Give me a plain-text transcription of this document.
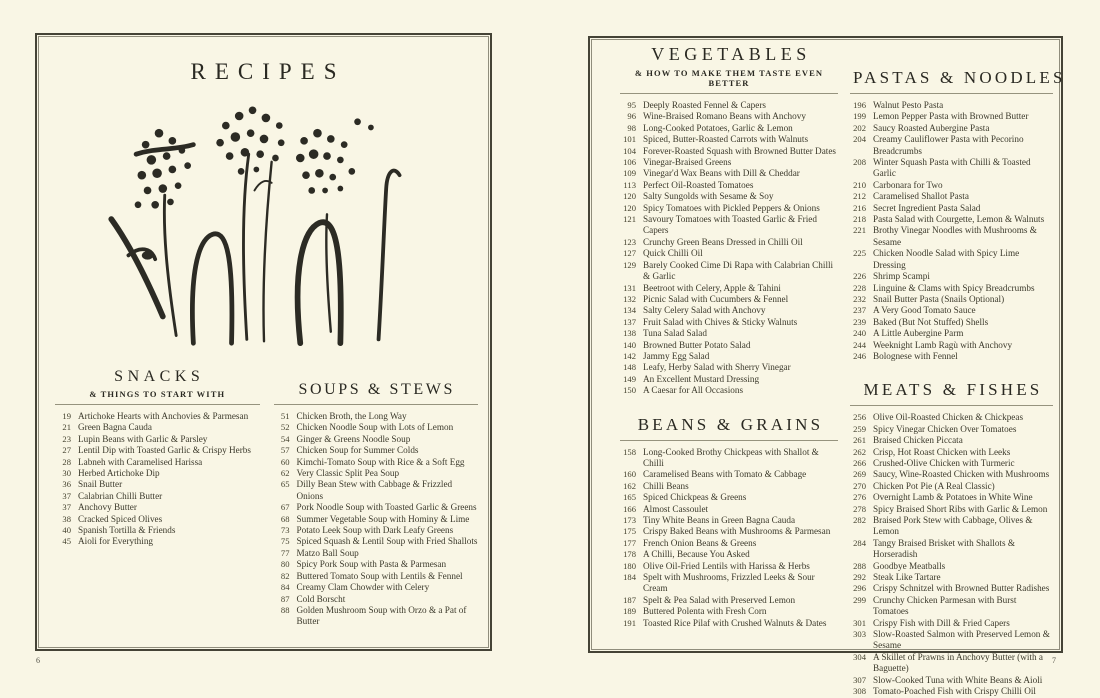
RECIPES
SNACKS
& THINGS TO START WITH
19 Artichoke Hearts with Anchovies & Parmesan
21 Green Bagna Cauda
23 Lupin Beans with Garlic & Parsley
27 Lentil Dip with Toasted Garlic & Crispy Herbs
28 Labneh with Caramelised Harissa
30 Herbed Artichoke Dip
36 Snail Butter
37 Calabrian Chilli Butter
37 Anchovy Butter
38 Cracked Spiced Olives
40 Spanish Tortilla & Friends
45 Aioli for Everything
SOUPS & STEWS
51 Chicken Broth, the Long Way
52 Chicken Noodle Soup with Lots of Lemon
54 Ginger & Greens Noodle Soup
57 Chicken Soup for Summer Colds
60 Kimchi-Tomato Soup with Rice & a Soft Egg
62 Very Classic Split Pea Soup
65 Dilly Bean Stew with Cabbage & Frizzled Onions
67 Pork Noodle Soup with Toasted Garlic & Greens
68 Summer Vegetable Soup with Hominy & Lime
73 Potato Leek Soup with Dark Leafy Greens
75 Spiced Squash & Lentil Soup with Fried Shallots
77 Matzo Ball Soup
80 Spicy Pork Soup with Pasta & Parmesan
82 Buttered Tomato Soup with Lentils & Fennel
84 Creamy Clam Chowder with Celery
87 Cold Borscht
88 Golden Mushroom Soup with Orzo & a Pat of Butter
6
VEGETABLES
& HOW TO MAKE THEM TASTE EVEN BETTER
95 Deeply Roasted Fennel & Capers
96 Wine-Braised Romano Beans with Anchovy
98 Long-Cooked Potatoes, Garlic & Lemon
101 Spiced, Butter-Roasted Carrots with Walnuts
104 Forever-Roasted Squash with Browned Butter Dates
106 Vinegar-Braised Greens
109 Vinegar'd Wax Beans with Dill & Cheddar
113 Perfect Oil-Roasted Tomatoes
120 Salty Sungolds with Sesame & Soy
120 Spicy Tomatoes with Pickled Peppers & Onions
121 Savoury Tomatoes with Toasted Garlic & Fried Capers
123 Crunchy Green Beans Dressed in Chilli Oil
127 Quick Chilli Oil
129 Barely Cooked Cime Di Rapa with Calabrian Chilli & Garlic
131 Beetroot with Celery, Apple & Tahini
132 Picnic Salad with Cucumbers & Fennel
134 Salty Celery Salad with Anchovy
137 Fruit Salad with Chives & Sticky Walnuts
138 Tuna Salad Salad
140 Browned Butter Potato Salad
142 Jammy Egg Salad
148 Leafy, Herby Salad with Sherry Vinegar
149 An Excellent Mustard Dressing
150 A Caesar for All Occasions
BEANS & GRAINS
158 Long-Cooked Brothy Chickpeas with Shallot & Chilli
160 Caramelised Beans with Tomato & Cabbage
162 Chilli Beans
165 Spiced Chickpeas & Greens
166 Almost Cassoulet
173 Tiny White Beans in Green Bagna Cauda
175 Crispy Baked Beans with Mushrooms & Parmesan
177 French Onion Beans & Greens
178 A Chilli, Because You Asked
180 Olive Oil-Fried Lentils with Harissa & Herbs
184 Spelt with Mushrooms, Frizzled Leeks & Sour Cream
187 Spelt & Pea Salad with Preserved Lemon
189 Buttered Polenta with Fresh Corn
191 Toasted Rice Pilaf with Crushed Walnuts & Dates
PASTAS & NOODLES
196 Walnut Pesto Pasta
199 Lemon Pepper Pasta with Browned Butter
202 Saucy Roasted Aubergine Pasta
204 Creamy Cauliflower Pasta with Pecorino Breadcrumbs
208 Winter Squash Pasta with Chilli & Toasted Garlic
210 Carbonara for Two
212 Caramelised Shallot Pasta
216 Secret Ingredient Pasta Salad
218 Pasta Salad with Courgette, Lemon & Walnuts
221 Brothy Vinegar Noodles with Mushrooms & Sesame
225 Chicken Noodle Salad with Spicy Lime Dressing
226 Shrimp Scampi
228 Linguine & Clams with Spicy Breadcrumbs
232 Snail Butter Pasta (Snails Optional)
237 A Very Good Tomato Sauce
239 Baked (But Not Stuffed) Shells
240 A Little Aubergine Parm
244 Weeknight Lamb Ragù with Anchovy
246 Bolognese with Fennel
MEATS & FISHES
256 Olive Oil-Roasted Chicken & Chickpeas
259 Spicy Vinegar Chicken Over Tomatoes
261 Braised Chicken Piccata
262 Crisp, Hot Roast Chicken with Leeks
266 Crushed-Olive Chicken with Turmeric
269 Saucy, Wine-Roasted Chicken with Mushrooms
270 Chicken Pot Pie (A Real Classic)
276 Overnight Lamb & Potatoes in White Wine
278 Spicy Braised Short Ribs with Garlic & Lemon
282 Braised Pork Stew with Cabbage, Olives & Lemon
284 Tangy Braised Brisket with Shallots & Horseradish
288 Goodbye Meatballs
292 Steak Like Tartare
296 Crispy Schnitzel with Browned Butter Radishes
299 Crunchy Chicken Parmesan with Burst Tomatoes
301 Crispy Fish with Dill & Fried Capers
303 Slow-Roasted Salmon with Preserved Lemon & Sesame
304 A Skillet of Prawns in Anchovy Butter (with a Baguette)
307 Slow-Cooked Tuna with White Beans & Aioli
308 Tomato-Poached Fish with Crispy Chilli Oil
7
